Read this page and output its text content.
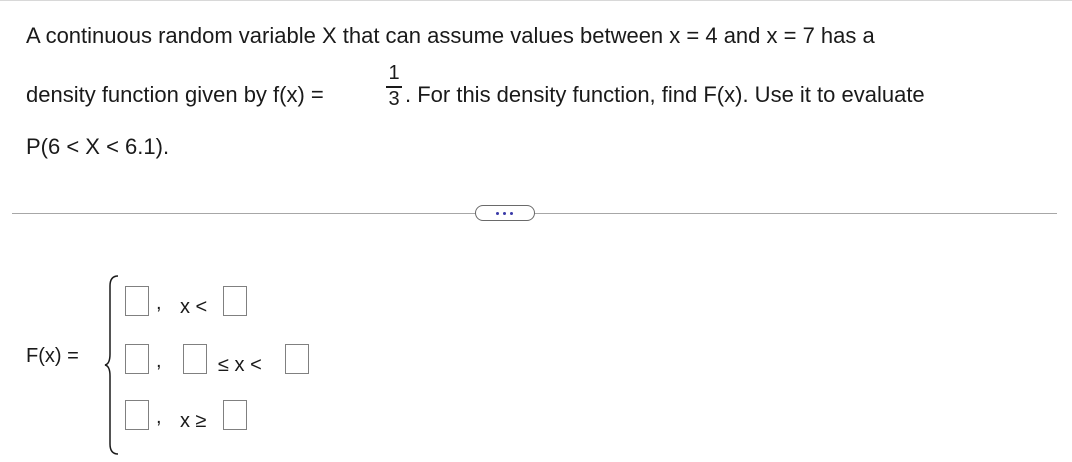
A continuous random variable X that can assume values between x = 4 and x = 7 has a
density function given by f(x) =
1
3 . For this density function, find F(x). Use it to evaluate
P(6 < X < 6.1).
F(x) =
, x <
,	≤ x <
, x ≥
